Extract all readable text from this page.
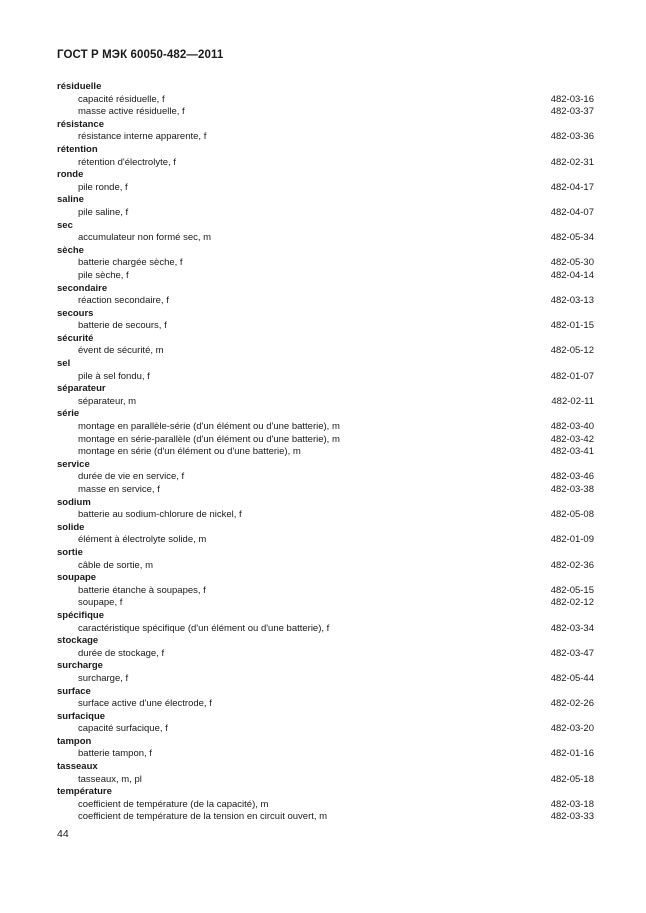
ГОСТ Р МЭК 60050-482—2011
résiduelle
capacité résiduelle, f	482-03-16
masse active résiduelle, f	482-03-37
résistance
résistance interne apparente, f	482-03-36
rétention
rétention d'électrolyte, f	482-02-31
ronde
pile ronde, f	482-04-17
saline
pile saline, f	482-04-07
sec
accumulateur non formé sec, m	482-05-34
sèche
batterie chargée sèche, f	482-05-30
pile sèche, f	482-04-14
secondaire
réaction secondaire, f	482-03-13
secours
batterie de secours, f	482-01-15
sécurité
évent de sécurité, m	482-05-12
sel
pile à sel fondu, f	482-01-07
séparateur
séparateur, m	482-02-11
série
montage en parallèle-série (d'un élément ou d'une batterie), m	482-03-40
montage en série-parallèle (d'un élément ou d'une batterie), m	482-03-42
montage en série (d'un élément ou d'une batterie), m	482-03-41
service
durée de vie en service, f	482-03-46
masse en service, f	482-03-38
sodium
batterie au sodium-chlorure de nickel, f	482-05-08
solide
élément à électrolyte solide, m	482-01-09
sortie
câble de sortie, m	482-02-36
soupape
batterie étanche à soupapes, f	482-05-15
soupape, f	482-02-12
spécifique
caractéristique spécifique (d'un élément ou d'une batterie), f	482-03-34
stockage
durée de stockage, f	482-03-47
surcharge
surcharge, f	482-05-44
surface
surface active d'une électrode, f	482-02-26
surfacique
capacité surfacique, f	482-03-20
tampon
batterie tampon, f	482-01-16
tasseaux
tasseaux, m, pl	482-05-18
température
coefficient de température (de la capacité), m	482-03-18
coefficient de température de la tension en circuit ouvert, m	482-03-33
44
